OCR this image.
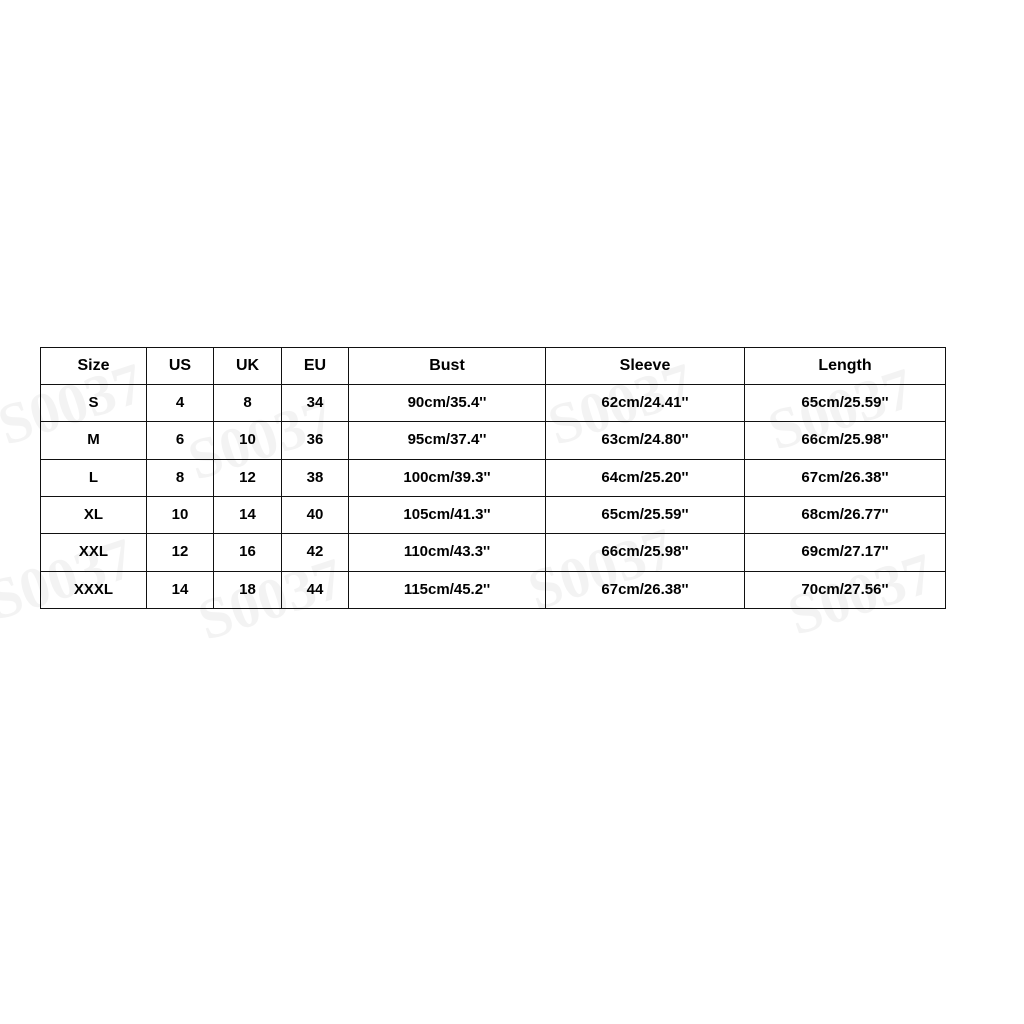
Size	US	UK	EU	Bust	Sleeve	Length
S	4	8	34	90cm/35.4''	62cm/24.41''	65cm/25.59''
M	6	10	36	95cm/37.4''	63cm/24.80''	66cm/25.98''
L	8	12	38	100cm/39.3''	64cm/25.20''	67cm/26.38''
XL	10	14	40	105cm/41.3''	65cm/25.59''	68cm/26.77''
XXL	12	16	42	110cm/43.3''	66cm/25.98''	69cm/27.17''
XXXL	14	18	44	115cm/45.2''	67cm/26.38''	70cm/27.56''
